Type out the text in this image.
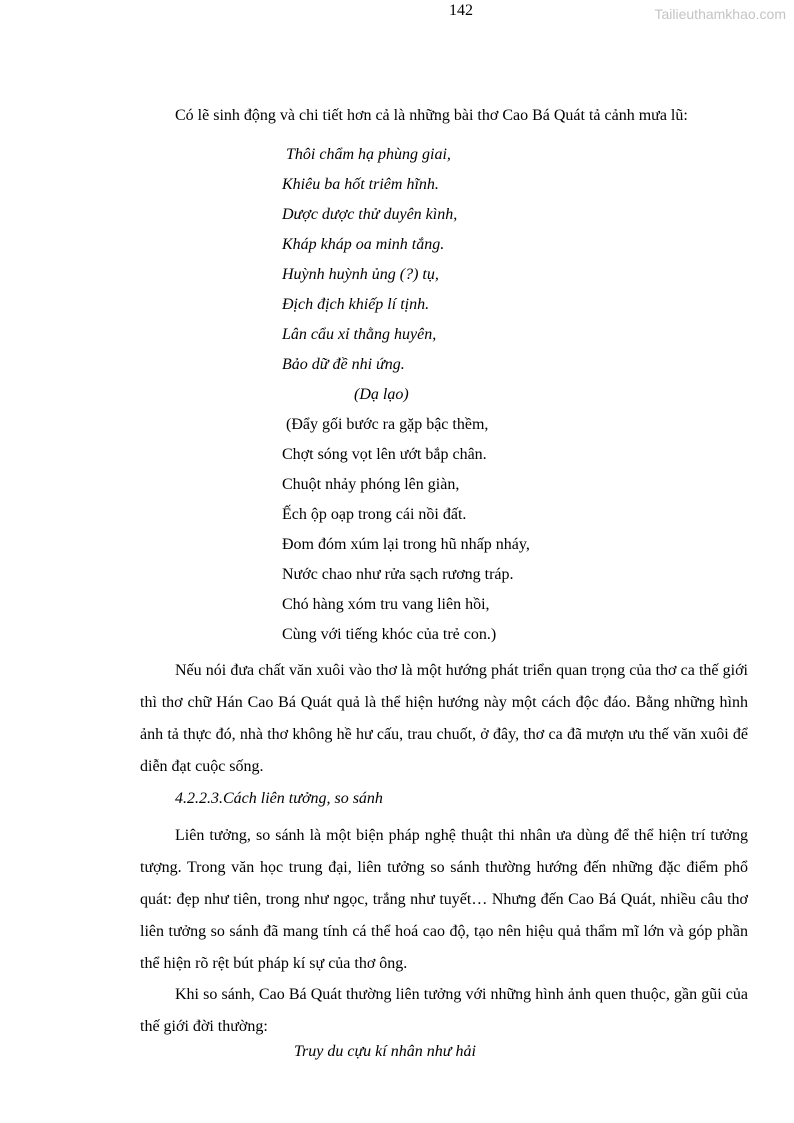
142	Tailieuthamkhao.com
Có lẽ sinh động và chi tiết hơn cả là những bài thơ Cao Bá Quát tả cảnh mưa lũ:
Thôi chẩm hạ phùng giai,
Khiêu ba hốt triêm hĩnh.
Dược dược thử duyên kình,
Kháp kháp oa minh tắng.
Huỳnh huỳnh ủng (?) tụ,
Địch địch khiếp lí tịnh.
Lân cẩu xỉ thằng huyên,
Bảo dữ đề nhi ứng.
(Dạ lạo)
(Đẩy gối bước ra gặp bậc thềm,
Chợt sóng vọt lên ướt bắp chân.
Chuột nhảy phóng lên giàn,
Ếch ộp oạp trong cái nồi đất.
Đom đóm xúm lại trong hũ nhấp nháy,
Nước chao như rửa sạch rương tráp.
Chó hàng xóm tru vang liên hồi,
Cùng với tiếng khóc của trẻ con.)
Nếu nói đưa chất văn xuôi vào thơ là một hướng phát triển quan trọng của thơ ca thế giới thì thơ chữ Hán Cao Bá Quát quả là thể hiện hướng này một cách độc đáo. Bằng những hình ảnh tả thực đó, nhà thơ không hề hư cấu, trau chuốt, ở đây, thơ ca đã mượn ưu thế văn xuôi để diễn đạt cuộc sống.
4.2.2.3.Cách liên tưởng, so sánh
Liên tưởng, so sánh là một biện pháp nghệ thuật thi nhân ưa dùng để thể hiện trí tưởng tượng. Trong văn học trung đại, liên tưởng so sánh thường hướng đến những đặc điểm phổ quát: đẹp như tiên, trong như ngọc, trắng như tuyết… Nhưng đến Cao Bá Quát, nhiều câu thơ liên tưởng so sánh đã mang tính cá thể hoá cao độ, tạo nên hiệu quả thẩm mĩ lớn và góp phần thể hiện rõ rệt bút pháp kí sự của thơ ông.
Khi so sánh, Cao Bá Quát thường liên tưởng với những hình ảnh quen thuộc, gần gũi của thế giới đời thường:
Truy du cựu kí nhân như hải
